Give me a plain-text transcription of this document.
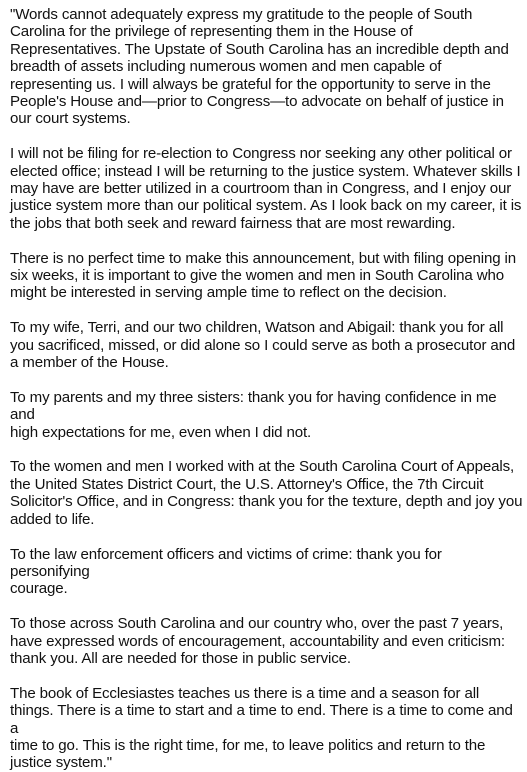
"Words cannot adequately express my gratitude to the people of South
Carolina for the privilege of representing them in the House of
Representatives. The Upstate of South Carolina has an incredible depth and
breadth of assets including numerous women and men capable of
representing us. I will always be grateful for the opportunity to serve in the
People's House and—prior to Congress—to advocate on behalf of justice in
our court systems.

I will not be filing for re-election to Congress nor seeking any other political or
elected office; instead I will be returning to the justice system. Whatever skills I
may have are better utilized in a courtroom than in Congress, and I enjoy our
justice system more than our political system. As I look back on my career, it is
the jobs that both seek and reward fairness that are most rewarding.

There is no perfect time to make this announcement, but with filing opening in
six weeks, it is important to give the women and men in South Carolina who
might be interested in serving ample time to reflect on the decision.

To my wife, Terri, and our two children, Watson and Abigail: thank you for all
you sacrificed, missed, or did alone so I could serve as both a prosecutor and
a member of the House.

To my parents and my three sisters: thank you for having confidence in me and
high expectations for me, even when I did not.

To the women and men I worked with at the South Carolina Court of Appeals,
the United States District Court, the U.S. Attorney's Office, the 7th Circuit
Solicitor's Office, and in Congress: thank you for the texture, depth and joy you
added to life.

To the law enforcement officers and victims of crime: thank you for personifying
courage.

To those across South Carolina and our country who, over the past 7 years,
have expressed words of encouragement, accountability and even criticism:
thank you. All are needed for those in public service.

The book of Ecclesiastes teaches us there is a time and a season for all
things. There is a time to start and a time to end. There is a time to come and a
time to go. This is the right time, for me, to leave politics and return to the
justice system."
